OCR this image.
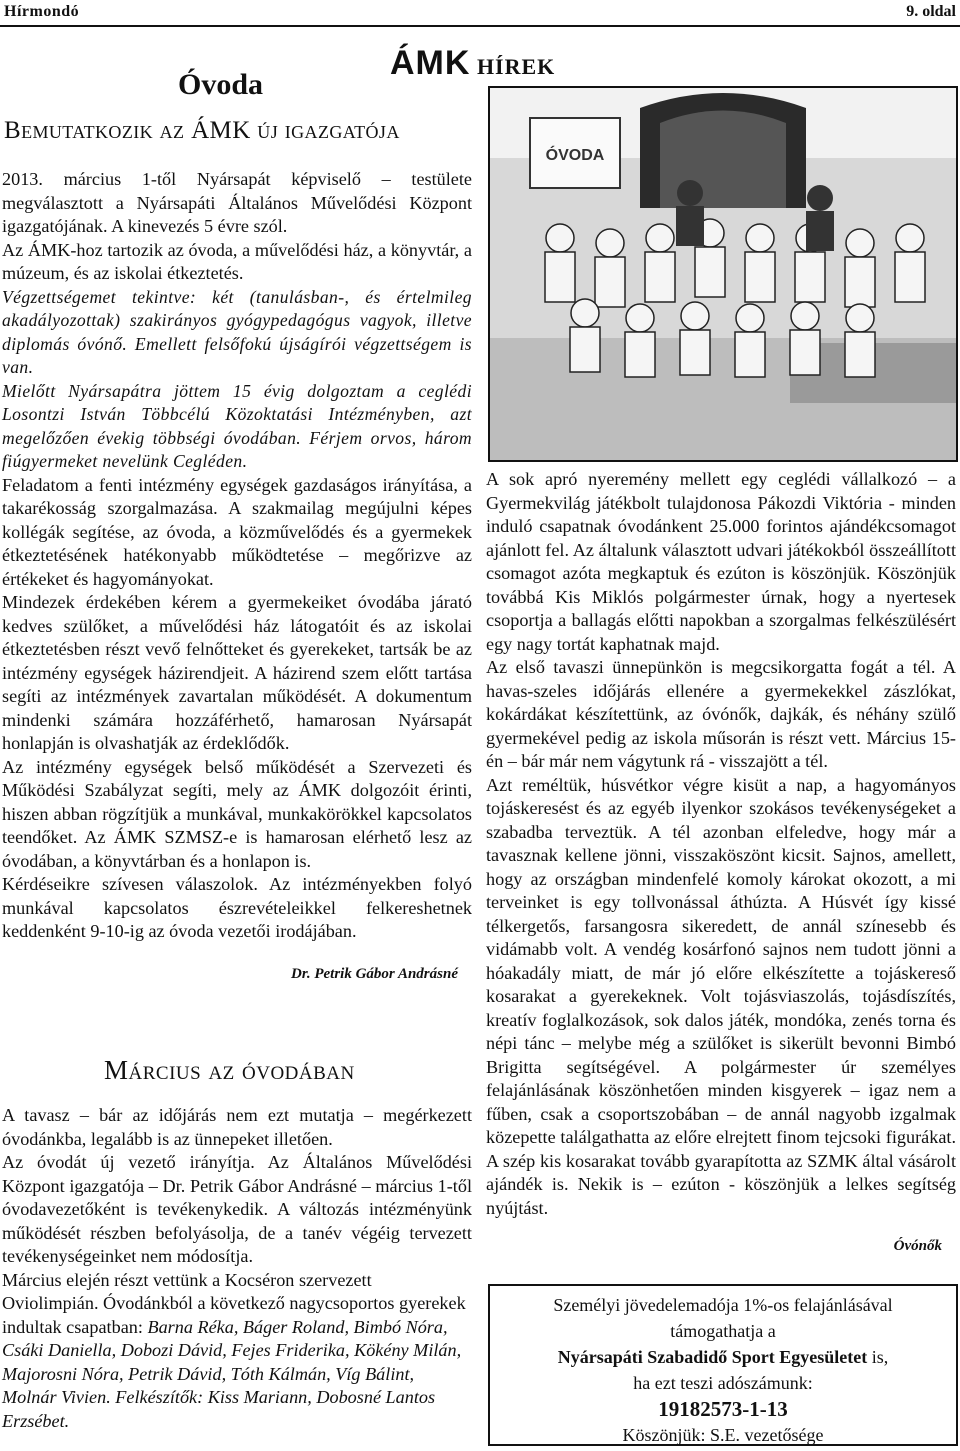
Hírmondó	9. oldal
ÁMK HÍREK
Óvoda
Bemutatkozik az ÁMK új igazgatója

2013. március 1-től Nyársapát képviselő – testülete megválasztott a Nyársapáti Általános Művelődési Központ igazgatójának. A kinevezés 5 évre szól.

Az ÁMK-hoz tartozik az óvoda, a művelődési ház, a könyvtár, a múzeum, és az iskolai étkeztetés.

Végzettségemet tekintve: két (tanulásban-, és értelmileg akadályozottak) szakirányos gyógypedagógus vagyok, illetve diplomás óvónő. Emellett felsőfokú újságírói végzettségem is van.

Mielőtt Nyársapátra jöttem 15 évig dolgoztam a ceglédi Losontzi István Többcélú Közoktatási Intézményben, azt megelőzően évekig többségi óvodában. Férjem orvos, három fiúgyermeket nevelünk Cegléden.

Feladatom a fenti intézmény egységek gazdaságos irányítása, a takarékosság szorgalmazása. A szakmailag megújulni képes kollégák segítése, az óvoda, a közművelődés és a gyermekek étkeztetésének hatékonyabb működtetése – megőrizve az értékeket és hagyományokat.

Mindezek érdekében kérem a gyermekeiket óvodába járató kedves szülőket, a művelődési ház látogatóit és az iskolai étkeztetésben részt vevő felnőtteket és gyerekeket, tartsák be az intézmény egységek házirendjeit. A házirend szem előtt tartása segíti az intézmények zavartalan működését. A dokumentum mindenki számára hozzáférhető, hamarosan Nyársapát honlapján is olvashatják az érdeklődők.

Az intézmény egységek belső működését a Szervezeti és Működési Szabályzat segíti, mely az ÁMK dolgozóit érinti, hiszen abban rögzítjük a munkával, munkakörökkel kapcsolatos teendőket. Az ÁMK SZMSZ-e is hamarosan elérhető lesz az óvodában, a könyvtárban és a honlapon is.

Kérdéseikre szívesen válaszolok. Az intézményekben folyó munkával kapcsolatos észrevételeikkel felkereshetnek keddenként 9-10-ig az óvoda vezetői irodájában.

Dr. Petrik Gábor Andrásné
Március az óvodában

A tavasz – bár az időjárás nem ezt mutatja – megérkezett óvodánkba, legalább is az ünnepeket illetően.

Az óvodát új vezető irányítja. Az Általános Művelődési Központ igazgatója – Dr. Petrik Gábor Andrásné – március 1-től óvodavezetőként is tevékenykedik. A változás intézményünk működését részben befolyásolja, de a tanév végéig tervezett tevékenységeinket nem módosítja.

Március elején részt vettünk a Kocséron szervezett Oviolimpián. Óvodánkból a következő nagycsoportos gyerekek indultak csapatban: Barna Réka, Báger Roland, Bimbó Nóra, Csáki Daniella, Dobozi Dávid, Fejes Friderika, Kökény Milán, Majorosni Nóra, Petrik Dávid, Tóth Kálmán, Víg Bálint, Molnár Vivien. Felkészítők: Kiss Mariann, Dobosné Lantos Erzsébet.

ÓVODA

A sok apró nyeremény mellett egy ceglédi vállalkozó – a Gyermekvilág játékbolt tulajdonosa Pákozdi Viktória - minden induló csapatnak óvodánkent 25.000 forintos ajándékcsomagot ajánlott fel. Az általunk választott udvari játékokból összeállított csomagot azóta megkaptuk és ezúton is köszönjük. Köszönjük továbbá Kis Miklós polgármester úrnak, hogy a nyertesek csoportja a ballagás előtti napokban a szorgalmas felkészülésért egy nagy tortát kaphatnak majd.

Az első tavaszi ünnepünkön is megcsikorgatta fogát a tél. A havas-szeles időjárás ellenére a gyermekekkel zászlókat, kokárdákat készítettünk, az óvónők, dajkák, és néhány szülő gyermekével pedig az iskola műsorán is részt vett. Március 15-én – bár már nem vágytunk rá - visszajött a tél.

Azt reméltük, húsvétkor végre kisüt a nap, a hagyományos tojáskeresést és az egyéb ilyenkor szokásos tevékenységeket a szabadba terveztük. A tél azonban elfeledve, hogy már a tavasznak kellene jönni, visszaköszönt kicsit. Sajnos, amellett, hogy az országban mindenfelé komoly károkat okozott, a mi terveinket is egy tollvonással áthúzta. A Húsvét így kissé télkergetős, farsangosra sikeredett, de annál színesebb és vidámabb volt. A vendég kosárfonó sajnos nem tudott jönni a hóakadály miatt, de már jó előre elkészítette a tojáskereső kosarakat a gyerekeknek. Volt tojásviaszolás, tojásdíszítés, kreatív foglalkozások, sok dalos játék, mondóka, zenés torna és népi tánc – melybe még a szülőket is sikerült bevonni Bimbó Brigitta segítségével. A polgármester úr személyes felajánlásának köszönhetően minden kisgyerek – igaz nem a fűben, csak a csoportszobában – de annál nagyobb izgalmak közepette találgathatta az előre elrejtett finom tejcsoki figurákat. A szép kis kosarakat tovább gyarapította az SZMK által vásárolt ajándék is. Nekik is – ezúton - köszönjük a lelkes segítség nyújtást.

Óvónők
Személyi jövedelemadója 1%-os felajánlásával
támogathatja a
Nyársapáti Szabadidő Sport Egyesületet is,
ha ezt teszi adószámunk:
19182573-1-13
Köszönjük: S.E. vezetősége
